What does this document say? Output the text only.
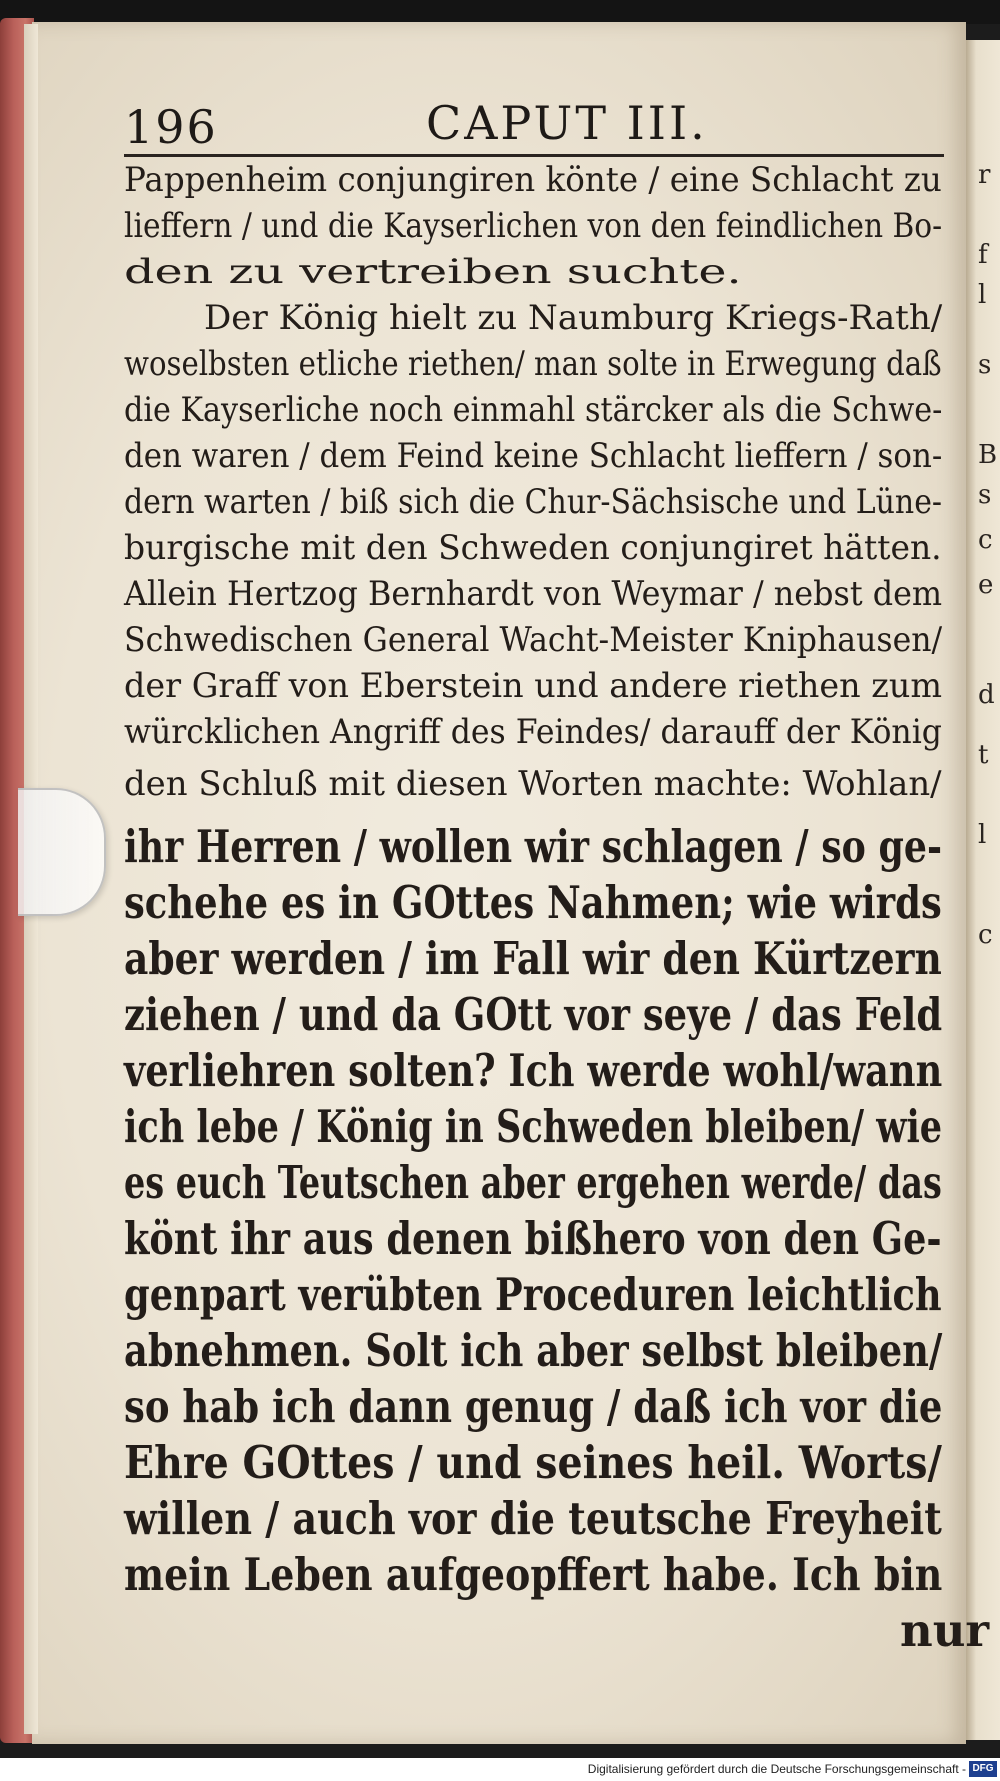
r
f
l
s
B
s
c
e
d
t
l
c
196	CAPUT III.
Pappenheim conjungiren könte / eine Schlacht zu
lieffern / und die Kayserlichen von den feindlichen Bo-
den zu vertreiben suchte.
Der König hielt zu Naumburg Kriegs-Rath/
woselbsten etliche riethen/ man solte in Erwegung daß
die Kayserliche noch einmahl stärcker als die Schwe-
den waren / dem Feind keine Schlacht lieffern / son-
dern warten / biß sich die Chur-Sächsische und Lüne-
burgische mit den Schweden conjungiret hätten.
Allein Hertzog Bernhardt von Weymar / nebst dem
Schwedischen General Wacht-Meister Kniphausen/
der Graff von Eberstein und andere riethen zum
würcklichen Angriff des Feindes/ darauff der König
den Schluß mit diesen Worten machte: Wohlan/
ihr Herren / wollen wir schlagen / so ge-
schehe es in GOttes Nahmen; wie wirds
aber werden / im Fall wir den Kürtzern
ziehen / und da GOtt vor seye / das Feld
verliehren solten? Ich werde wohl/wann
ich lebe / König in Schweden bleiben/ wie
es euch Teutschen aber ergehen werde/ das
könt ihr aus denen bißhero von den Ge-
genpart verübten Proceduren leichtlich
abnehmen. Solt ich aber selbst bleiben/
so hab ich dann genug / daß ich vor die
Ehre GOttes / und seines heil. Worts/
willen / auch vor die teutsche Freyheit
mein Leben aufgeopffert habe. Ich bin
nur
Digitalisierung gefördert durch die Deutsche Forschungsgemeinschaft - DFG
